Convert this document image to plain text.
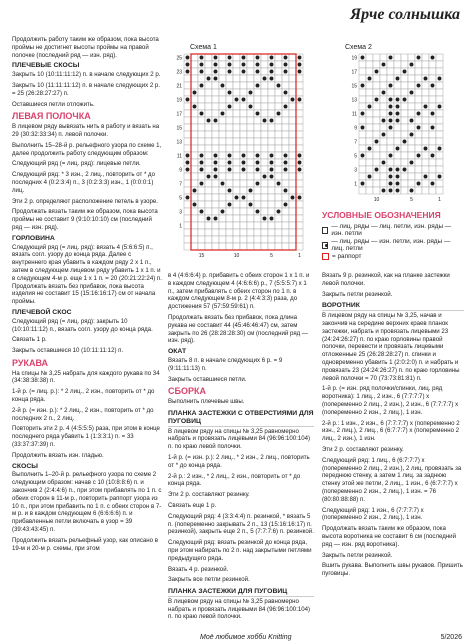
Ярче солнышка
Схема 1	Схема 2
25
23
21
19
17
15
13
11
9
7
5
3
1
15	10	5	1
19
17
15
13
11
9
7
5
3
1
10	5	1
УСЛОВНЫЕ ОБОЗНАЧЕНИЯ
— лиц. ряды — лиц. петли, изн. ряды — изн. петли
— лиц. ряды — изн. петли, изн. ряды — лиц. петли
= раппорт

Продолжить работу таким же образом, пока высота проймы не достигнет высоты проймы на правой полочке (последний ряд — изн. ряд).

ПЛЕЧЕВЫЕ СКОСЫ

Закрыть 10 (10:11:11:12) п. в начале следующих 2 р.

Закрыть 10 (11:11:11:12) п. в начале следующих 2 р. = 25 (26:28:27:27) п.

Оставшиеся петли отложить.

ЛЕВАЯ ПОЛОЧКА

В лицевом ряду вывязать нить в работу и вязать на 29 (30:32:33:34) п. левой полочки.

Выполнить 15–28-й р. рельефного узора по схеме 1, далее продолжить работу следующим образом:

Следующий ряд (= лиц. ряд): лицевые петли.

Следующий ряд: * 3 изн., 2 лиц., повторить от * до последних 4 (0:2:3:4) п., 3 (0:2:3:3) изн., 1 (0:0:0:1) лиц.

Эти 2 р. определяют расположение петель в узоре.

Продолжать вязать таким же образом, пока высота проймы не составит 9 (9:10:10:10) см (последний ряд — изн. ряд).

ГОРЛОВИНА

Следующий ряд (= лиц. ряд): вязать 4 (5:6:6:5) п., вязать согл. узору до конца ряда. Далее с внутреннего края убавить в каждом ряду 2 x 1 п., затем в следующем лицевом ряду убавить 1 x 1 п. и в следующем 4-м р. еще 1 x 1 п. = 20 (20:21:22:24) п. Продолжать вязать без прибавок, пока высота изделия не составит 15 (15:16:16:17) см от начала проймы.

ПЛЕЧЕВОЙ СКОС

Следующий ряд (= лиц. ряд): закрыть 10 (10:10:11:12) п., вязать согл. узору до конца ряда.

Связать 1 р.

Закрыть оставшиеся 10 (10:11:11:12) п.

РУКАВА

На спицы № 3,25 набрать для каждого рукава по 34 (34:38:38:38) п.

1-й р. (= лиц. р.): * 2 лиц., 2 изн., повторить от * до конца ряда.

2-й р. (= изн. р.): * 2 лиц., 2 изн., повторить от * до последних 2 п., 2 лиц.

Повторить эти 2 р. 4 (4:5:5:5) раза, при этом в конце последнего ряда убавить 1 (1:3:3:1) п. = 33 (33:37:37:39) п.

Продолжить вязать изн. гладью.

СКОСЫ

Выполнить 1–20-й р. рельефного узора по схеме 2 следующим образом: начав с 10 (10:8:8:6) п. и закончив 2 (2:4:4:6) п., при этом прибавлять по 1 п. с обеих сторон в 11-м р., повторить раппорт узора из 10 п., при этом прибавить по 1 п. с обеих сторон в 7-м р. и в каждом следующем 6 (6:6:6:6) п. и прибавленные петли включать в узор = 39 (39:43:43:45) п.

Продолжить вязать рельефный узор, как описано в 19-м и 20-м р. схемы, при этом

в 4 (4:6:6:4) р. прибавить с обеих сторон 1 x 1 п. и в каждом следующем 4 (4:6:6:6) р., 7 (5:5:5:7) x 1 п., затем прибавлять с обеих сторон по 1 п. в каждом следующем 8-м р. 2 (4:4:3:3) раза, до достижения 57 (57:59:59:61) п.

Продолжать вязать без прибавок, пока длина рукава не составит 44 (45:46:46:47) см, затем закрыть по 26 (28:28:28:30) см (последний ряд — изн. ряд).

ОКАТ

Вязать 8 п. в начале следующих 6 р. = 9 (9:11:11:13) п.

Закрыть оставшиеся петли.

СБОРКА

Выполнить плечевые швы.

ПЛАНКА ЗАСТЕЖКИ С ОТВЕРСТИЯМИ ДЛЯ ПУГОВИЦ

В лицевом ряду на спицы № 3,25 равномерно набрать и провязать лицевыми 84 (96:96:100:104) п. по краю левой полочки.

1-й р. (= изн. р.): 2 лиц., * 2 изн., 2 лиц., повторить от * до конца ряда.

2-й р.: 2 изн., * 2 лиц., 2 изн., повторить от * до конца ряда.

Эти 2 р. составляют резинку.

Связать еще 1 р.

Следующий ряд: 4 (3:3:4:4) п. резинкой, * вязать 5 п. (попеременно закрывать 2 п., 13 (15:16:16:17) п. резинкой), закрыть еще 2 п., 5 (7:7:7:6) п. резинкой.

Следующий ряд: вязать резинкой до конца ряда, при этом набирать по 2 п. над закрытыми петлями предыдущего ряда.

Вязать 4 р. резинкой.

Закрыть все петли резинкой.

ПЛАНКА ЗАСТЕЖКИ ДЛЯ ПУГОВИЦ

В лицевом ряду на спицы № 3,25 равномерно набрать и провязать лицевыми 84 (96:96:100:104) п. по краю левой полочки.

Вязать 9 р. резинкой, как на планке застежки левой полочки.

Закрыть петли резинкой.

ВОРОТНИК

В лицевом ряду на спицы № 3,25, начав и закончив на середине верхних краев планок застежки, набрать и провязать лицевыми 23 (24:24:26:27) п. по краю горловины правой полочки, перевести и провязать лицевыми отложенные 25 (26:28:28:27) п. спинки и одновременно убавить 1 (2:0:2:0) п. и набрать и провязать 23 (24:24:26:27) п. по краю горловины левой полочки = 70 (73:73:81:81) п.

1-й р. (= изн. ряд полочки/спинки, лиц. ряд воротника): 1 лиц., 2 изн., 6 (7:7:7:7) x (попеременно 2 лиц., 2 изн.), 2 изн., 6 (7:7:7:7) x (попеременно 2 изн., 2 лиц.), 1 изн.

2-й р.: 1 изн., 2 изн., 6 (7:7:7:7) x (попеременно 2 изн., 2 лиц.), 2 лиц., 6 (6:7:7:7) x (попеременно 2 лиц., 2 изн.), 1 изн.

Эти 2 р. составляют резинку.

Следующий ряд: 1 лиц., 6 (6:7:7:7) x (попеременно 2 лиц., 2 изн.), 2 лиц. провязать за переднюю стенку, а затем 1 лиц. за заднюю стенку этой же петли, 2 лиц., 1 изн., 6 (6:7:7:7) x (попеременно 2 изн., 2 лиц.), 1 изн. = 76 (80:80:88:88) п.

Следующий ряд: 1 изн., 6 (7:7:7:7) x (попеременно 2 изн., 2 лиц.), 1 изн.

Продолжать вязать таким же образом, пока высота воротника не составит 6 см (последний ряд — изн. ряд воротника).

Закрыть петли резинкой.

Вшить рукава. Выполнить швы рукавов. Пришить пуговицы.

Моё любимое хобби Knitting	5/2026
